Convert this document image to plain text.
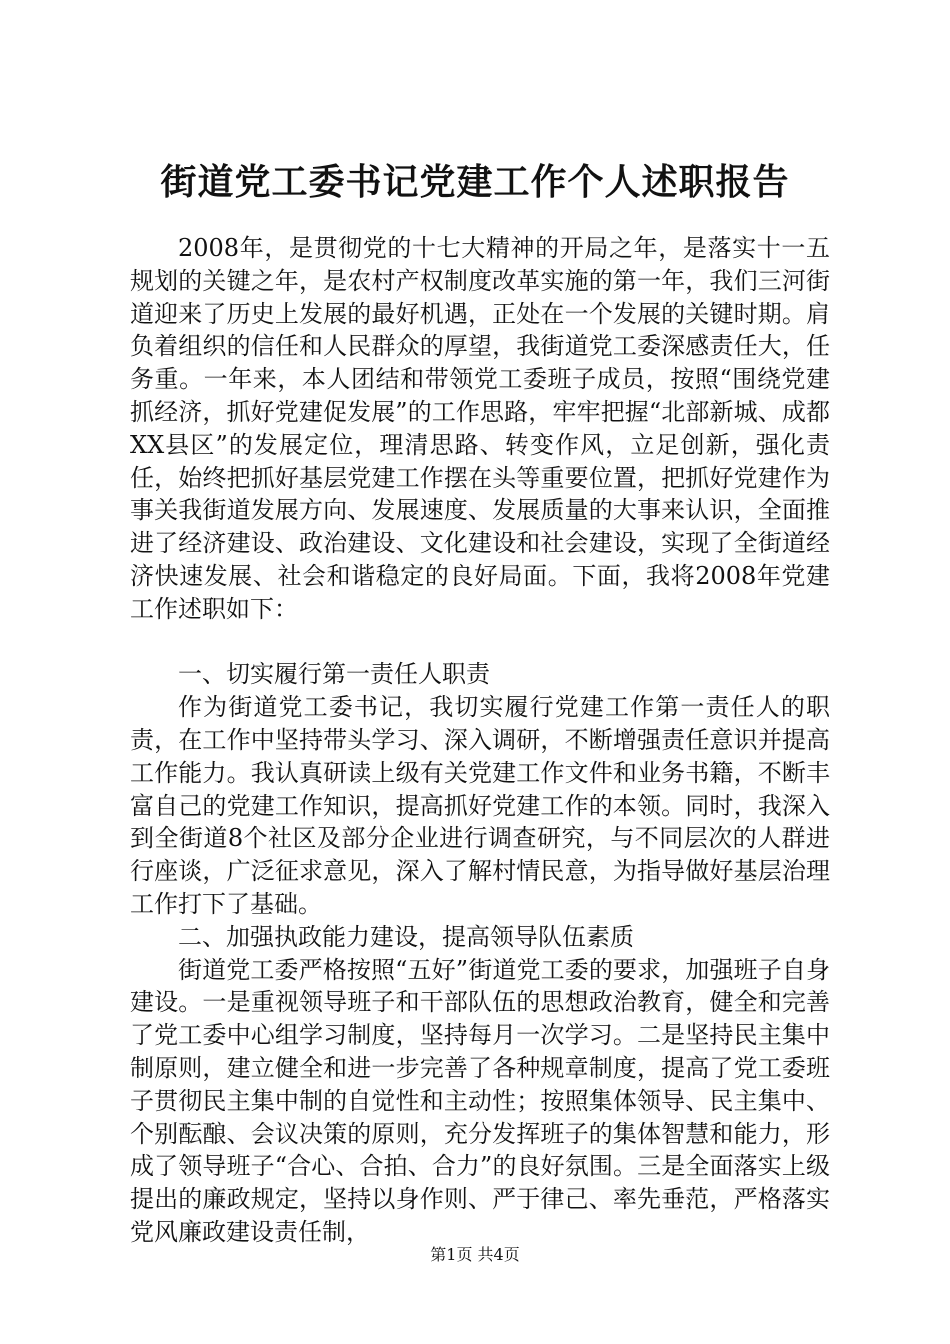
街道党工委书记党建工作个人述职报告

2008年，是贯彻党的十七大精神的开局之年，是落实十一五规划的关键之年，是农村产权制度改革实施的第一年，我们三河街道迎来了历史上发展的最好机遇，正处在一个发展的关键时期。肩负着组织的信任和人民群众的厚望，我街道党工委深感责任大，任务重。一年来，本人团结和带领党工委班子成员，按照“围绕党建抓经济，抓好党建促发展”的工作思路，牢牢把握“北部新城、成都XX县区”的发展定位，理清思路、转变作风，立足创新，强化责任，始终把抓好基层党建工作摆在头等重要位置，把抓好党建作为事关我街道发展方向、发展速度、发展质量的大事来认识，全面推进了经济建设、政治建设、文化建设和社会建设，实现了全街道经济快速发展、社会和谐稳定的良好局面。下面，我将2008年党建工作述职如下：

一、切实履行第一责任人职责

作为街道党工委书记，我切实履行党建工作第一责任人的职责，在工作中坚持带头学习、深入调研，不断增强责任意识并提高工作能力。我认真研读上级有关党建工作文件和业务书籍，不断丰富自己的党建工作知识，提高抓好党建工作的本领。同时，我深入到全街道8个社区及部分企业进行调查研究，与不同层次的人群进行座谈，广泛征求意见，深入了解村情民意，为指导做好基层治理工作打下了基础。

二、加强执政能力建设，提高领导队伍素质

街道党工委严格按照“五好”街道党工委的要求，加强班子自身建设。一是重视领导班子和干部队伍的思想政治教育，健全和完善了党工委中心组学习制度，坚持每月一次学习。二是坚持民主集中制原则，建立健全和进一步完善了各种规章制度，提高了党工委班子贯彻民主集中制的自觉性和主动性；按照集体领导、民主集中、个别酝酿、会议决策的原则，充分发挥班子的集体智慧和能力，形成了领导班子“合心、合拍、合力”的良好氛围。三是全面落实上级提出的廉政规定，坚持以身作则、严于律己、率先垂范，严格落实党风廉政建设责任制，

第1页 共4页
